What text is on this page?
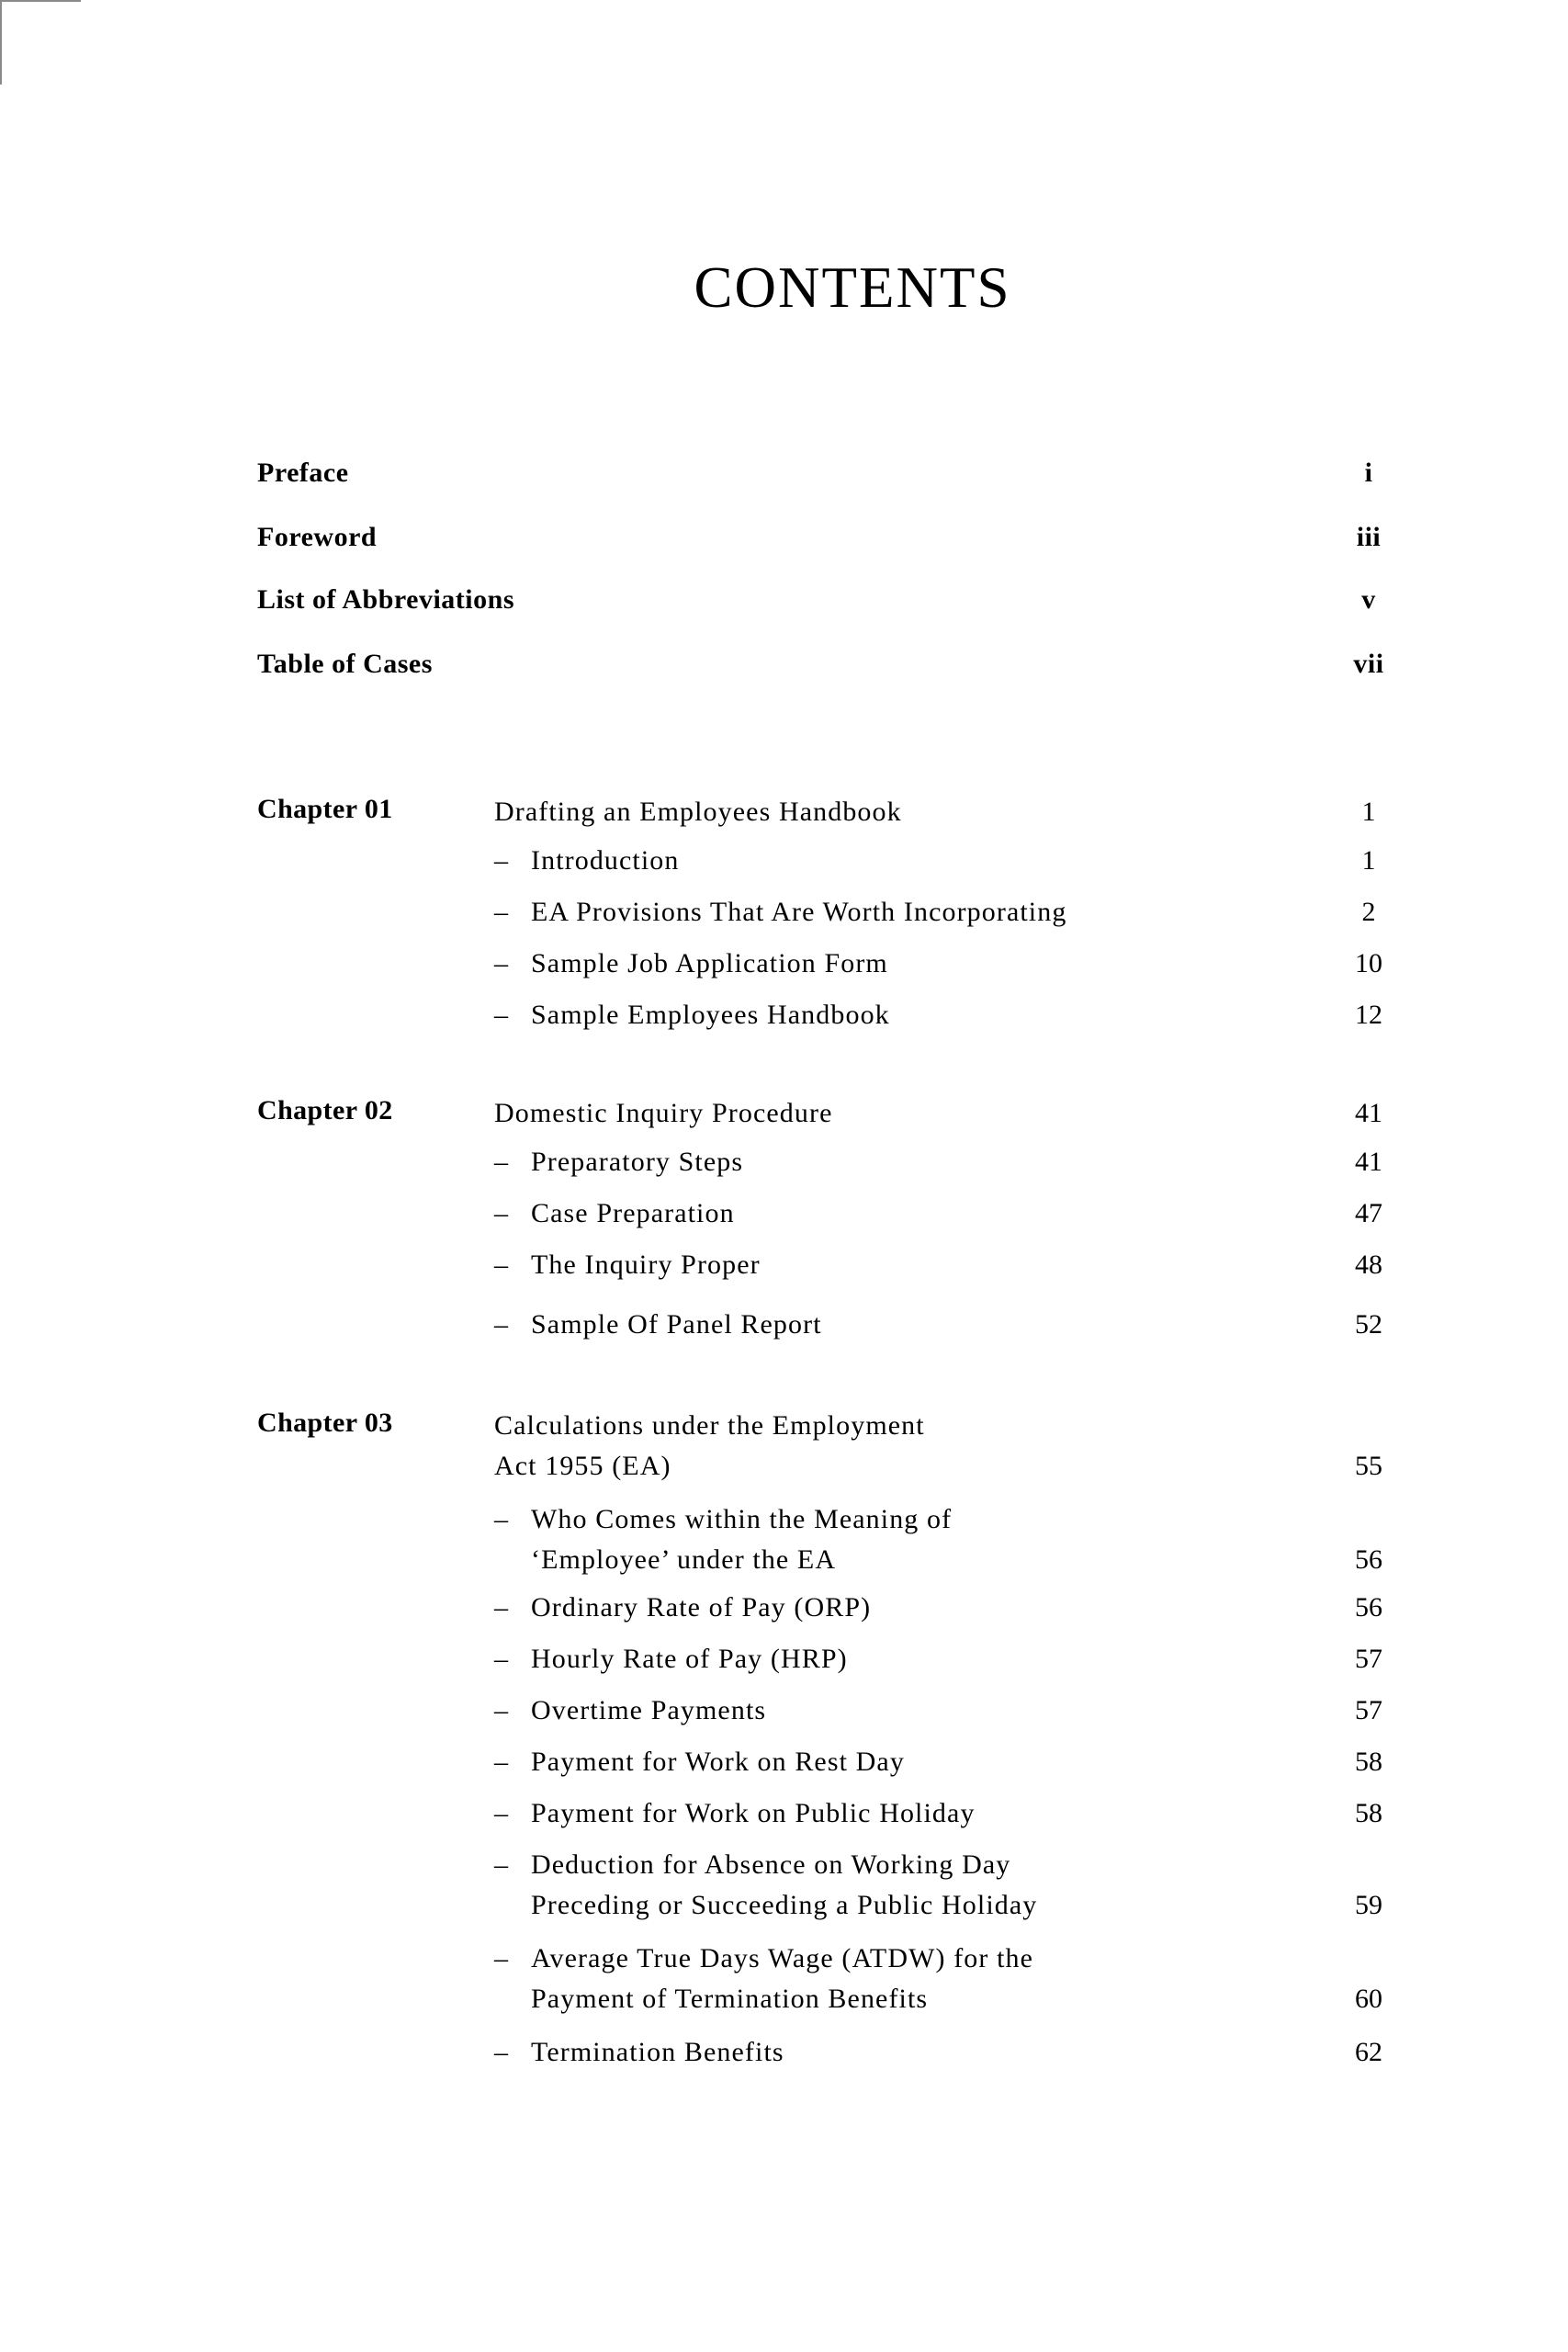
CONTENTS
Preface	i
Foreword	iii
List of Abbreviations	v
Table of Cases	vii
Chapter 01	Drafting an Employees Handbook	1
– Introduction	1
– EA Provisions That Are Worth Incorporating	2
– Sample Job Application Form	10
– Sample Employees Handbook	12
Chapter 02	Domestic Inquiry Procedure	41
– Preparatory Steps	41
– Case Preparation	47
– The Inquiry Proper	48
– Sample Of Panel Report	52
Chapter 03	Calculations under the Employment
Act 1955 (EA)	55
– Who Comes within the Meaning of
‘Employee’ under the EA	56
– Ordinary Rate of Pay (ORP)	56
– Hourly Rate of Pay (HRP)	57
– Overtime Payments	57
– Payment for Work on Rest Day	58
– Payment for Work on Public Holiday	58
– Deduction for Absence on Working Day
Preceding or Succeeding a Public Holiday	59
– Average True Days Wage (ATDW) for the
Payment of Termination Benefits	60
– Termination Benefits	62
